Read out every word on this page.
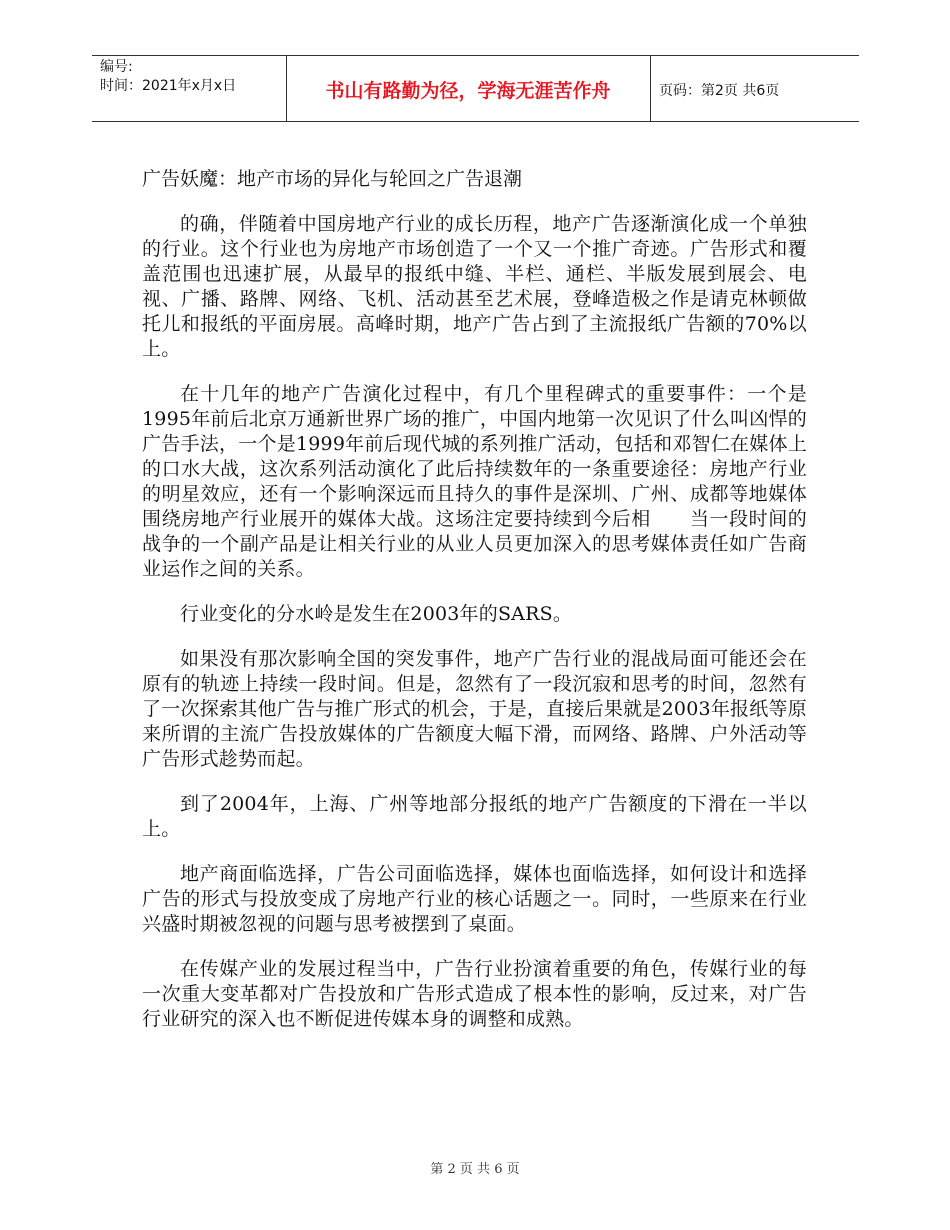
编号:
时间：2021年x月x日	书山有路勤为径，学海无涯苦作舟	页码：第2页 共6页

广告妖魔：地产市场的异化与轮回之广告退潮

的确，伴随着中国房地产行业的成长历程，地产广告逐渐演化成一个单独的行业。这个行业也为房地产市场创造了一个又一个推广奇迹。广告形式和覆盖范围也迅速扩展，从最早的报纸中缝、半栏、通栏、半版发展到展会、电视、广播、路牌、网络、飞机、活动甚至艺术展，登峰造极之作是请克林顿做托儿和报纸的平面房展。高峰时期，地产广告占到了主流报纸广告额的70%以上。

在十几年的地产广告演化过程中，有几个里程碑式的重要事件：一个是1995年前后北京万通新世界广场的推广，中国内地第一次见识了什么叫凶悍的广告手法，一个是1999年前后现代城的系列推广活动，包括和邓智仁在媒体上的口水大战，这次系列活动演化了此后持续数年的一条重要途径：房地产行业的明星效应，还有一个影响深远而且持久的事件是深圳、广州、成都等地媒体围绕房地产行业展开的媒体大战。这场注定要持续到今后相　　当一段时间的战争的一个副产品是让相关行业的从业人员更加深入的思考媒体责任如广告商业运作之间的关系。

行业变化的分水岭是发生在2003年的SARS。

如果没有那次影响全国的突发事件，地产广告行业的混战局面可能还会在原有的轨迹上持续一段时间。但是，忽然有了一段沉寂和思考的时间，忽然有了一次探索其他广告与推广形式的机会，于是，直接后果就是2003年报纸等原来所谓的主流广告投放媒体的广告额度大幅下滑，而网络、路牌、户外活动等广告形式趁势而起。

到了2004年，上海、广州等地部分报纸的地产广告额度的下滑在一半以上。

地产商面临选择，广告公司面临选择，媒体也面临选择，如何设计和选择广告的形式与投放变成了房地产行业的核心话题之一。同时，一些原来在行业兴盛时期被忽视的问题与思考被摆到了桌面。

在传媒产业的发展过程当中，广告行业扮演着重要的角色，传媒行业的每一次重大变革都对广告投放和广告形式造成了根本性的影响，反过来，对广告行业研究的深入也不断促进传媒本身的调整和成熟。

第 2 页 共 6 页
